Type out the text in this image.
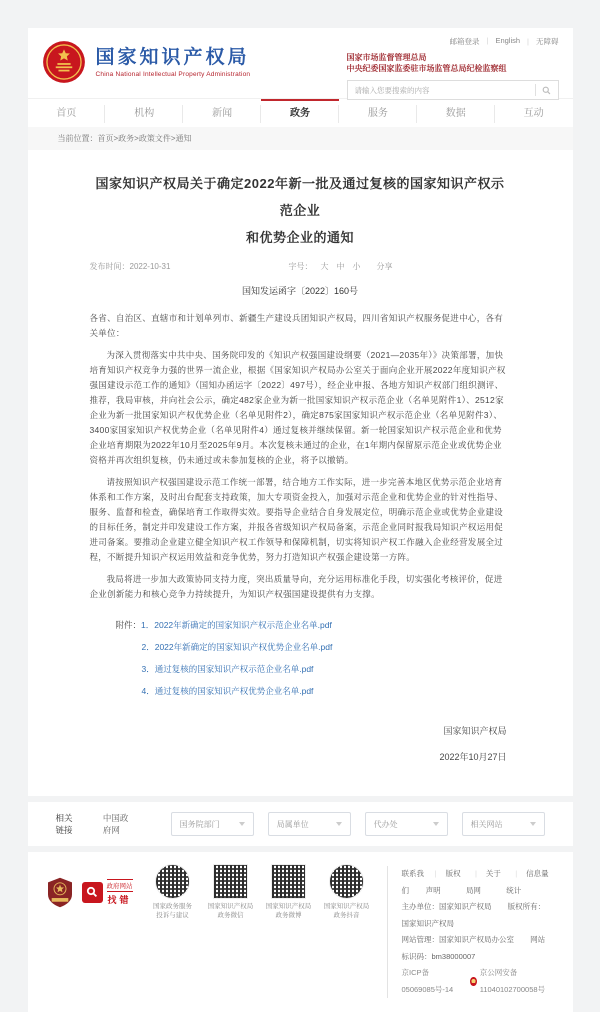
国家知识产权局
China National Intellectual Property Administration
邮箱登录	| English	| 无障碍
国家市场监督管理总局
中央纪委国家监委驻市场监管总局纪检监察组
请输入您要搜索的内容
首页	机构	新闻	政务	服务	数据	互动
当前位置：首页>政务>政策文件>通知
国家知识产权局关于确定2022年新一批及通过复核的国家知识产权示范企业
和优势企业的通知
发布时间：2022-10-31	字号： 大 中 小 分享
国知发运函字〔2022〕160号

各省、自治区、直辖市和计划单列市、新疆生产建设兵团知识产权局，四川省知识产权服务促进中心，各有关单位：

为深入贯彻落实中共中央、国务院印发的《知识产权强国建设纲要（2021—2035年）》决策部署，加快培育知识产权竞争力强的世界一流企业，根据《国家知识产权局办公室关于面向企业开展2022年度知识产权强国建设示范工作的通知》（国知办函运字〔2022〕497号），经企业申报、各地方知识产权部门组织测评、推荐，我局审核，并向社会公示，确定482家企业为新一批国家知识产权示范企业（名单见附件1）、2512家企业为新一批国家知识产权优势企业（名单见附件2），确定875家国家知识产权示范企业（名单见附件3）、3400家国家知识产权优势企业（名单见附件4）通过复核并继续保留。新一轮国家知识产权示范企业和优势企业培育期限为2022年10月至2025年9月。本次复核未通过的企业，在1年期内保留原示范企业或优势企业资格并再次组织复核，仍未通过或未参加复核的企业，将予以撤销。

请按照知识产权强国建设示范工作统一部署，结合地方工作实际，进一步完善本地区优势示范企业培育体系和工作方案，及时出台配套支持政策，加大专项资金投入，加强对示范企业和优势企业的针对性指导、服务、监督和检查，确保培育工作取得实效。要指导企业结合自身发展定位，明确示范企业或优势企业建设的目标任务，制定并印发建设工作方案，并报各省级知识产权局备案，示范企业同时报我局知识产权运用促进司备案。要推动企业建立健全知识产权工作领导和保障机制，切实将知识产权工作融入企业经营发展全过程，不断提升知识产权运用效益和竞争优势，努力打造知识产权强企建设第一方阵。

我局将进一步加大政策协同支持力度，突出质量导向，充分运用标准化手段，切实强化考核评价，促进企业创新能力和核心竞争力持续提升，为知识产权强国建设提供有力支撑。

附件：1．2022年新确定的国家知识产权示范企业名单.pdf
2．2022年新确定的国家知识产权优势企业名单.pdf
3．通过复核的国家知识产权示范企业名单.pdf
4．通过复核的国家知识产权优势企业名单.pdf
国家知识产权局
2022年10月27日
相关链接
中国政府网
国务院部门	局属单位	代办处	相关网站
政府网站
找错
国家政务服务
投诉与建议
国家知识产权局
政务微信
国家知识产权局
政务微博
国家知识产权局
政务抖音
联系我们
| 版权声明
| 关于局网
| 信息量统计
主办单位：国家知识产权局 版权所有：国家知识产权局
网站管理：国家知识产权局办公室 网站标识码：bm38000007
京ICP备05069085号-14
京公网安备 11040102700058号
